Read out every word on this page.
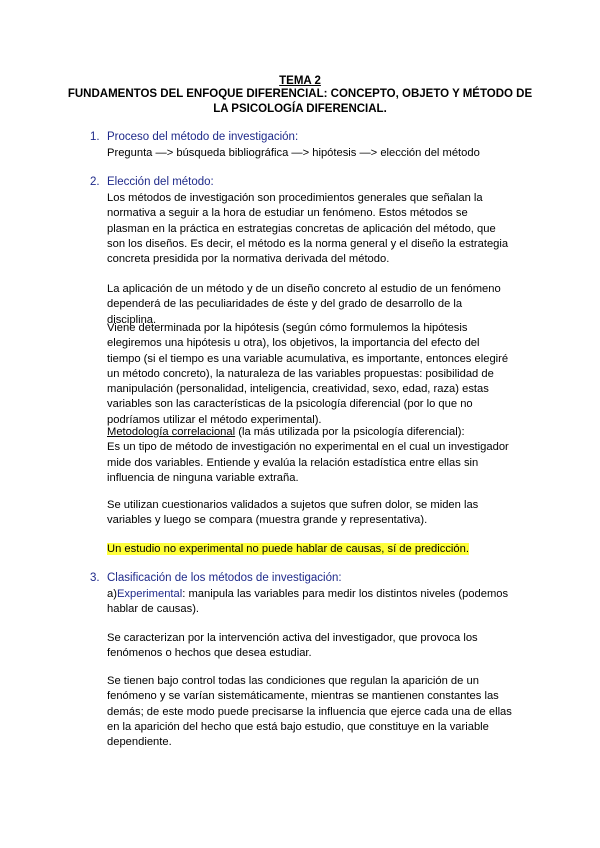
TEMA 2
FUNDAMENTOS DEL ENFOQUE DIFERENCIAL: CONCEPTO, OBJETO Y MÉTODO DE LA PSICOLOGÍA DIFERENCIAL.
1. Proceso del método de investigación:
Pregunta —> búsqueda bibliográfica —> hipótesis —> elección del método
2. Elección del método:
Los métodos de investigación son procedimientos generales que señalan la normativa a seguir a la hora de estudiar un fenómeno. Estos métodos se plasman en la práctica en estrategias concretas de aplicación del método, que son los diseños. Es decir, el método es la norma general y el diseño la estrategia concreta presidida por la normativa derivada del método.
La aplicación de un método y de un diseño concreto al estudio de un fenómeno dependerá de las peculiaridades de éste y del grado de desarrollo de la disciplina.
Viene determinada por la hipótesis (según cómo formulemos la hipótesis elegiremos una hipótesis u otra), los objetivos, la importancia del efecto del tiempo (si el tiempo es una variable acumulativa, es importante, entonces elegiré un método concreto), la naturaleza de las variables propuestas: posibilidad de manipulación (personalidad, inteligencia, creatividad, sexo, edad, raza) estas variables son las características de la psicología diferencial (por lo que no podríamos utilizar el método experimental).
Metodología correlacional (la más utilizada por la psicología diferencial):
Es un tipo de método de investigación no experimental en el cual un investigador mide dos variables. Entiende y evalúa la relación estadística entre ellas sin influencia de ninguna variable extraña.
Se utilizan cuestionarios validados a sujetos que sufren dolor, se miden las variables y luego se compara (muestra grande y representativa).
Un estudio no experimental no puede hablar de causas, sí de predicción.
3. Clasificación de los métodos de investigación:
a)Experimental: manipula las variables para medir los distintos niveles (podemos hablar de causas).
Se caracterizan por la intervención activa del investigador, que provoca los fenómenos o hechos que desea estudiar.
Se tienen bajo control todas las condiciones que regulan la aparición de un fenómeno y se varían sistemáticamente, mientras se mantienen constantes las demás; de este modo puede precisarse la influencia que ejerce cada una de ellas en la aparición del hecho que está bajo estudio, que constituye en la variable dependiente.
